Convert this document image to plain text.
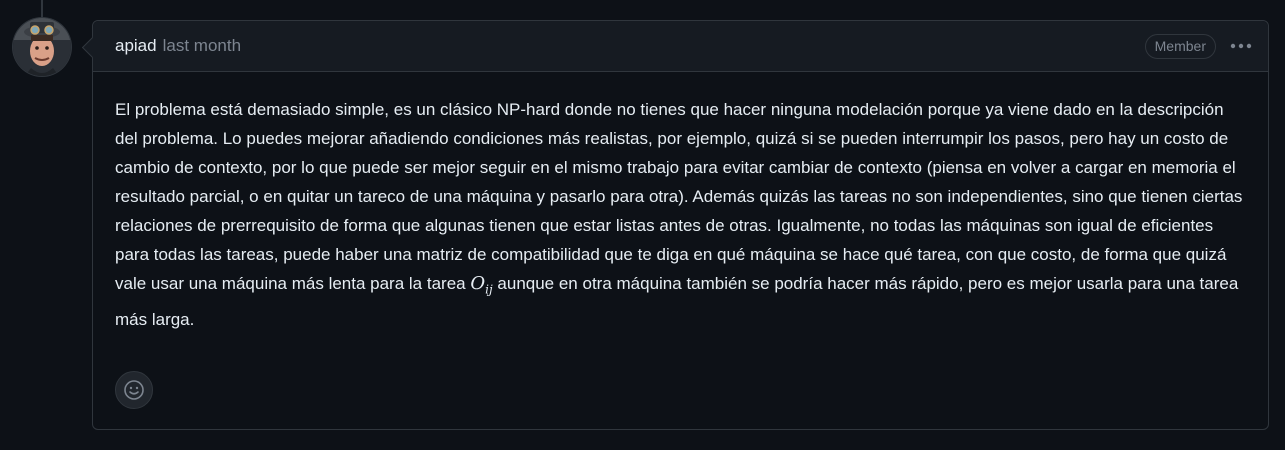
apiad last month	Member

El problema está demasiado simple, es un clásico NP-hard donde no tienes que hacer ninguna modelación porque ya viene dado en la descripción del problema. Lo puedes mejorar añadiendo condiciones más realistas, por ejemplo, quizá si se pueden interrumpir los pasos, pero hay un costo de cambio de contexto, por lo que puede ser mejor seguir en el mismo trabajo para evitar cambiar de contexto (piensa en volver a cargar en memoria el resultado parcial, o en quitar un tareco de una máquina y pasarlo para otra). Además quizás las tareas no son independientes, sino que tienen ciertas relaciones de prerrequisito de forma que algunas tienen que estar listas antes de otras. Igualmente, no todas las máquinas son igual de eficientes para todas las tareas, puede haber una matriz de compatibilidad que te diga en qué máquina se hace qué tarea, con que costo, de forma que quizá vale usar una máquina más lenta para la tarea $O_{ij}$ aunque en otra máquina también se podría hacer más rápido, pero es mejor usarla para una tarea más larga.
